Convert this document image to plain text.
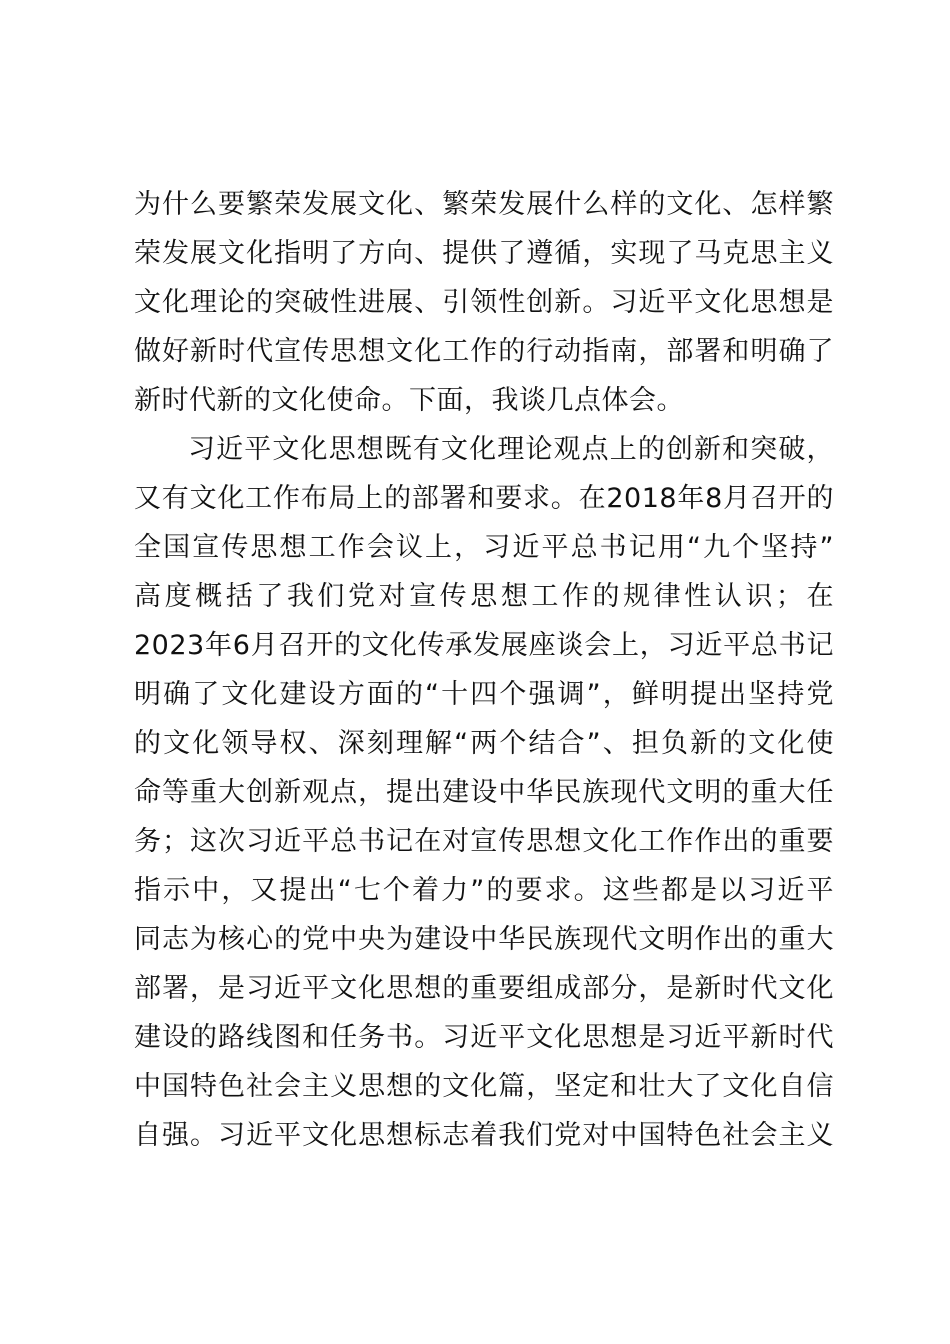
为什么要繁荣发展文化、繁荣发展什么样的文化、怎样繁
荣发展文化指明了方向、提供了遵循，实现了马克思主义
文化理论的突破性进展、引领性创新。习近平文化思想是
做好新时代宣传思想文化工作的行动指南，部署和明确了
新时代新的文化使命。下面，我谈几点体会。
习近平文化思想既有文化理论观点上的创新和突破，
又有文化工作布局上的部署和要求。在2018年8月召开的
全国宣传思想工作会议上，习近平总书记用“九个坚持”
高度概括了我们党对宣传思想工作的规律性认识；在
2023年6月召开的文化传承发展座谈会上，习近平总书记
明确了文化建设方面的“十四个强调”，鲜明提出坚持党
的文化领导权、深刻理解“两个结合”、担负新的文化使
命等重大创新观点，提出建设中华民族现代文明的重大任
务；这次习近平总书记在对宣传思想文化工作作出的重要
指示中，又提出“七个着力”的要求。这些都是以习近平
同志为核心的党中央为建设中华民族现代文明作出的重大
部署，是习近平文化思想的重要组成部分，是新时代文化
建设的路线图和任务书。习近平文化思想是习近平新时代
中国特色社会主义思想的文化篇，坚定和壮大了文化自信
自强。习近平文化思想标志着我们党对中国特色社会主义
